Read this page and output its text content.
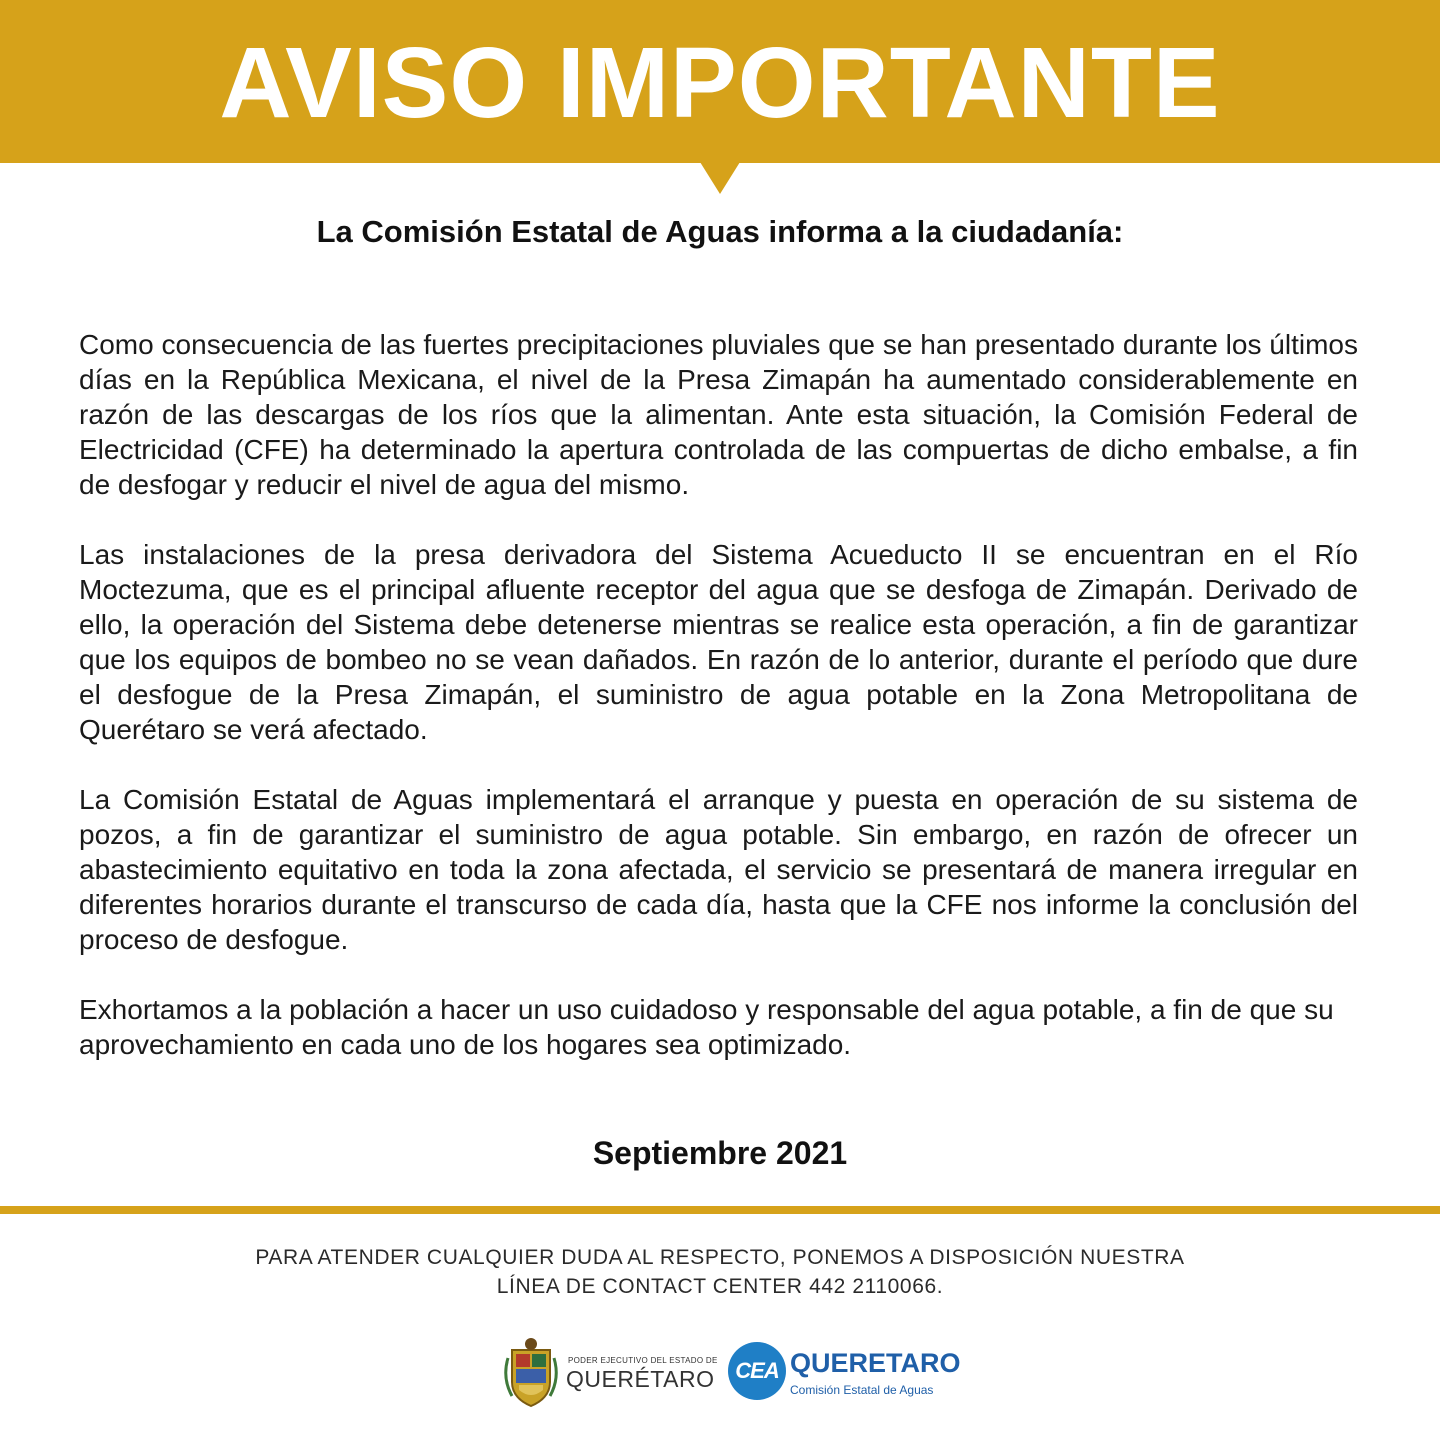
AVISO IMPORTANTE
La Comisión Estatal de Aguas informa a la ciudadanía:

Como consecuencia de las fuertes precipitaciones pluviales que se han presentado durante los últimos días en la República Mexicana, el nivel de la Presa Zimapán ha aumentado considerablemente en razón de las descargas de los ríos que la alimentan. Ante esta situación, la Comisión Federal de Electricidad (CFE) ha determinado la apertura controlada de las compuertas de dicho embalse, a fin de desfogar y reducir el nivel de agua del mismo.

Las instalaciones de la presa derivadora del Sistema Acueducto II se encuentran en el Río Moctezuma, que es el principal afluente receptor del agua que se desfoga de Zimapán. Derivado de ello, la operación del Sistema debe detenerse mientras se realice esta operación, a fin de garantizar que los equipos de bombeo no se vean dañados. En razón de lo anterior, durante el período que dure el desfogue de la Presa Zimapán, el suministro de agua potable en la Zona Metropolitana de Querétaro se verá afectado.

La Comisión Estatal de Aguas implementará el arranque y puesta en operación de su sistema de pozos, a fin de garantizar el suministro de agua potable. Sin embargo, en razón de ofrecer un abastecimiento equitativo en toda la zona afectada, el servicio se presentará de manera irregular en diferentes horarios durante el transcurso de cada día, hasta que la CFE nos informe la conclusión del proceso de desfogue.

Exhortamos a la población a hacer un uso cuidadoso y responsable del agua potable, a fin de que su aprovechamiento en cada uno de los hogares sea optimizado.

Septiembre 2021
PARA ATENDER CUALQUIER DUDA AL RESPECTO, PONEMOS A DISPOSICIÓN NUESTRA
LÍNEA DE CONTACT CENTER 442 2110066.
PODER EJECUTIVO DEL ESTADO DE
QUERÉTARO CEA QUERETARO
Comisión Estatal de Aguas
